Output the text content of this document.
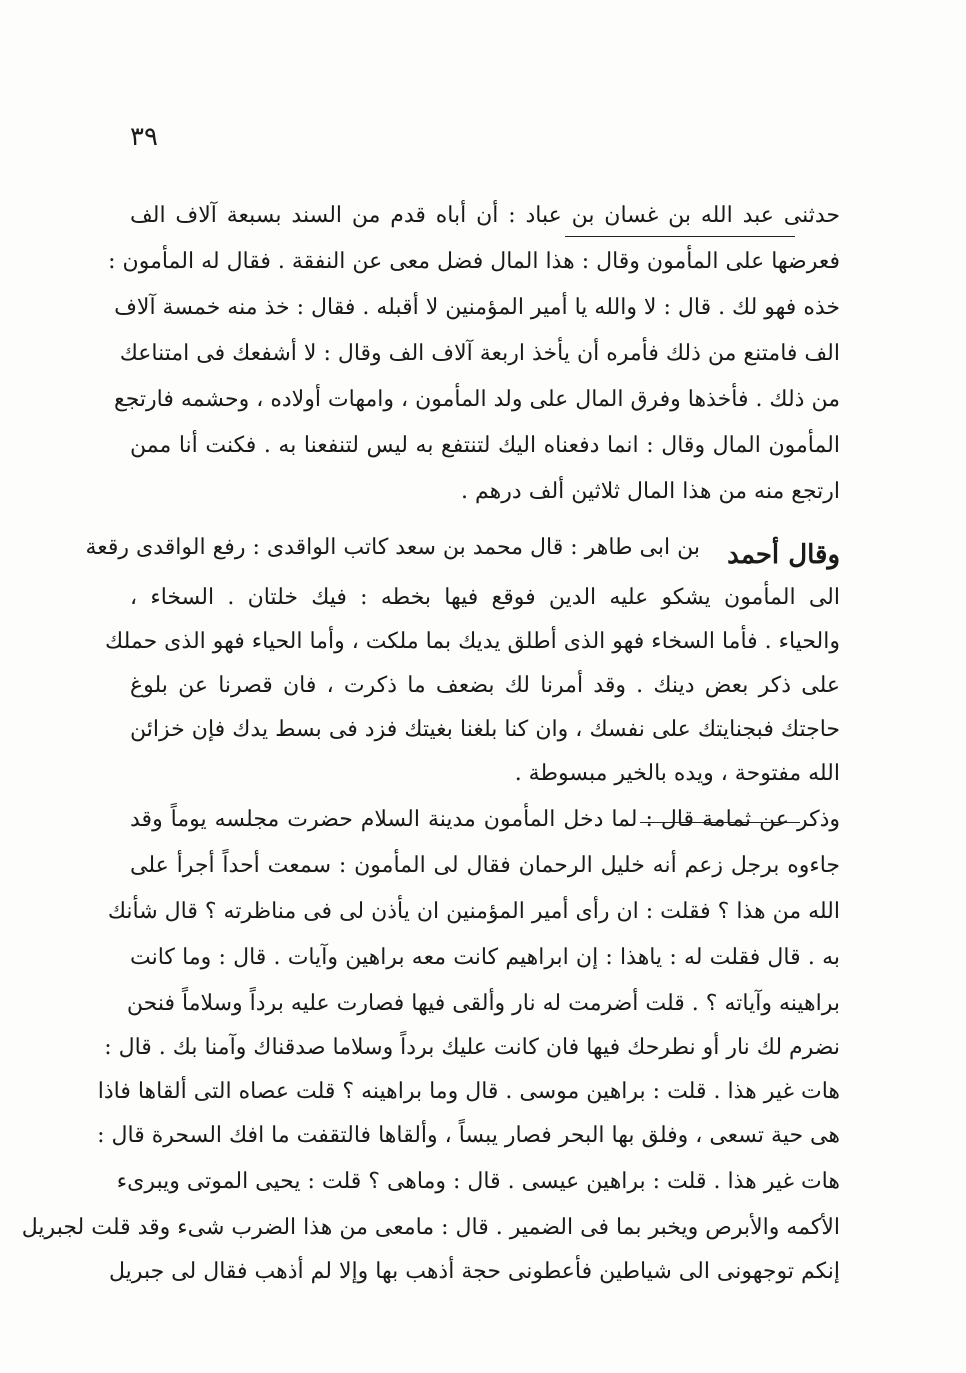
٣٩
حدثنى عبد الله بن غسان بن عباد : أن أباه قدم من السند بسبعة آلاف الف
فعرضها على المأمون وقال : هذا المال فضل معى عن النفقة . فقال له المأمون :
خذه فهو لك . قال : لا والله يا أمير المؤمنين لا أقبله . فقال : خذ منه خمسة آلاف
الف فامتنع من ذلك فأمره أن يأخذ اربعة آلاف الف وقال : لا أشفعك فى امتناعك
من ذلك . فأخذها وفرق المال على ولد المأمون ، وامهات أولاده ، وحشمه فارتجع
المأمون المال وقال : انما دفعناه اليك لتنتفع به ليس لتنفعنا به . فكنت أنا ممن
ارتجع منه من هذا المال ثلاثين ألف درهم .
بن ابى طاهر : قال محمد بن سعد كاتب الواقدى : رفع الواقدى رقعة
الى المأمون يشكو عليه الدين فوقع فيها بخطه : فيك خلتان . السخاء ،
والحياء . فأما السخاء فهو الذى أطلق يديك بما ملكت ، وأما الحياء فهو الذى حملك
على ذكر بعض دينك . وقد أمرنا لك بضعف ما ذكرت ، فان قصرنا عن بلوغ
حاجتك فبجنايتك على نفسك ، وان كنا بلغنا بغيتك فزد فى بسط يدك فإن خزائن
الله مفتوحة ، ويده بالخير مبسوطة .
وذكر عن ثمامة قال : لما دخل المأمون مدينة السلام حضرت مجلسه يوماً وقد
جاءوه برجل زعم أنه خليل الرحمان فقال لى المأمون : سمعت أحداً أجرأ على
الله من هذا ؟ فقلت : ان رأى أمير المؤمنين ان يأذن لى فى مناظرته ؟ قال شأنك
به . قال فقلت له : ياهذا : إن ابراهيم كانت معه براهين وآيات . قال : وما كانت
براهينه وآياته ؟ . قلت أضرمت له نار وألقى فيها فصارت عليه برداً وسلاماً فنحن
نضرم لك نار أو نطرحك فيها فان كانت عليك برداً وسلاما صدقناك وآمنا بك . قال :
هات غير هذا . قلت : براهين موسى . قال وما براهينه ؟ قلت عصاه التى ألقاها فاذا
هى حية تسعى ، وفلق بها البحر فصار يبساً ، وألقاها فالتقفت ما افك السحرة قال :
هات غير هذا . قلت : براهين عيسى . قال : وماهى ؟ قلت : يحيى الموتى ويبرىء
الأكمه والأبرص ويخبر بما فى الضمير . قال : مامعى من هذا الضرب شىء وقد قلت لجبريل
إنكم توجهونى الى شياطين فأعطونى حجة أذهب بها وإلا لم أذهب فقال لى جبريل
وقال أحمد
